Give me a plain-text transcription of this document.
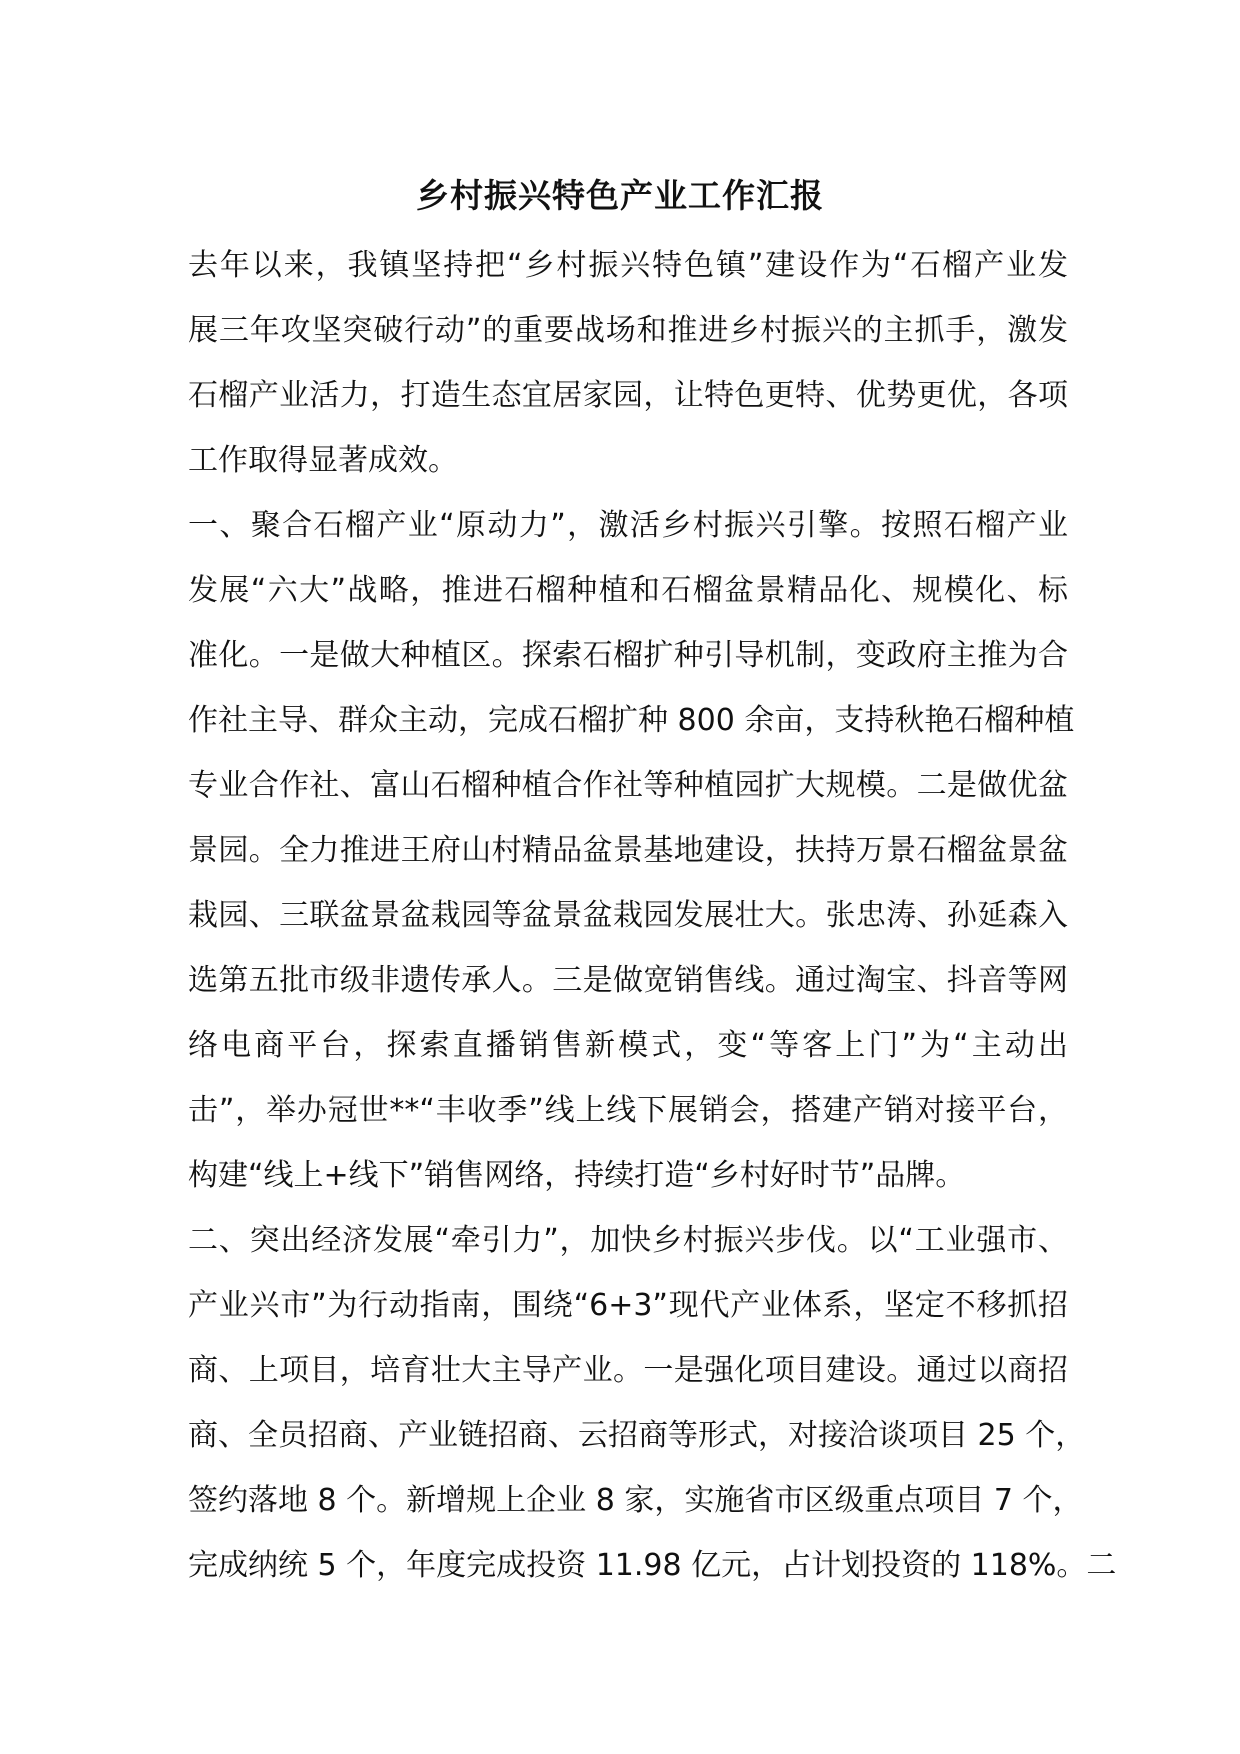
乡村振兴特色产业工作汇报

去年以来，我镇坚持把“乡村振兴特色镇”建设作为“石榴产业发
展三年攻坚突破行动”的重要战场和推进乡村振兴的主抓手，激发
石榴产业活力，打造生态宜居家园，让特色更特、优势更优，各项
工作取得显著成效。

一、聚合石榴产业“原动力”，激活乡村振兴引擎。按照石榴产业
发展“六大”战略，推进石榴种植和石榴盆景精品化、规模化、标
准化。一是做大种植区。探索石榴扩种引导机制，变政府主推为合
作社主导、群众主动，完成石榴扩种 800 余亩，支持秋艳石榴种植
专业合作社、富山石榴种植合作社等种植园扩大规模。二是做优盆
景园。全力推进王府山村精品盆景基地建设，扶持万景石榴盆景盆
栽园、三联盆景盆栽园等盆景盆栽园发展壮大。张忠涛、孙延森入
选第五批市级非遗传承人。三是做宽销售线。通过淘宝、抖音等网
络电商平台，探索直播销售新模式，变“等客上门”为“主动出
击”，举办冠世**“丰收季”线上线下展销会，搭建产销对接平台，
构建“线上+线下”销售网络，持续打造“乡村好时节”品牌。

二、突出经济发展“牵引力”，加快乡村振兴步伐。以“工业强市、
产业兴市”为行动指南，围绕“6+3”现代产业体系，坚定不移抓招
商、上项目，培育壮大主导产业。一是强化项目建设。通过以商招
商、全员招商、产业链招商、云招商等形式，对接洽谈项目 25 个，
签约落地 8 个。新增规上企业 8 家，实施省市区级重点项目 7 个，
完成纳统 5 个，年度完成投资 11.98 亿元，占计划投资的 118%。二
